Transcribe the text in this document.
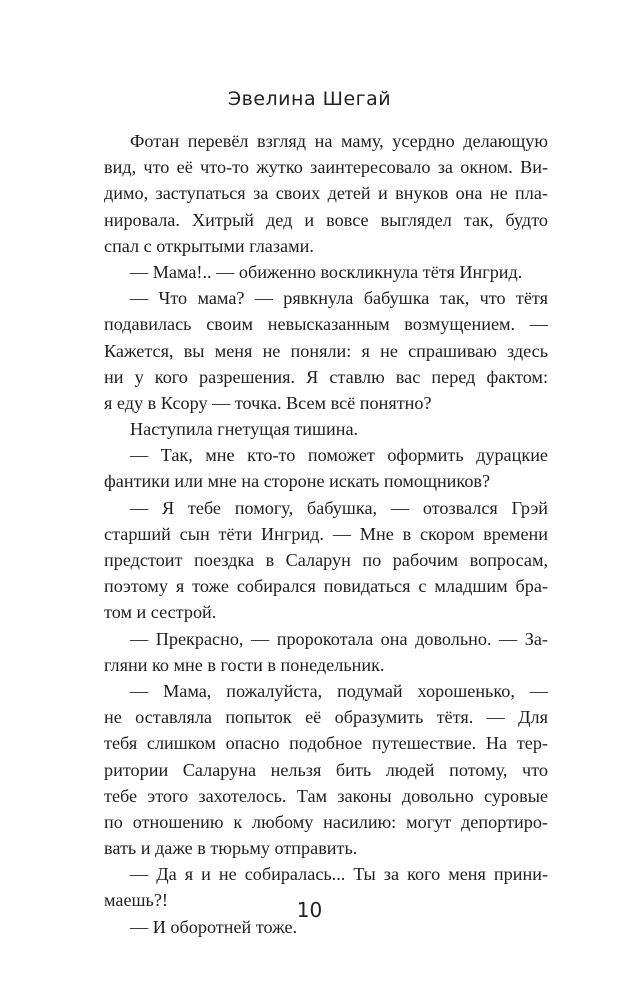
Эвелина Шегай
Фотан перевёл взгляд на маму, усердно делающую
вид, что её что-то жутко заинтересовало за окном. Ви-
димо, заступаться за своих детей и внуков она не пла-
нировала. Хитрый дед и вовсе выглядел так, будто
спал с открытыми глазами.
— Мама!.. — обиженно воскликнула тётя Ингрид.
— Что мама? — рявкнула бабушка так, что тётя
подавилась своим невысказанным возмущением. —
Кажется, вы меня не поняли: я не спрашиваю здесь
ни у кого разрешения. Я ставлю вас перед фактом:
я еду в Ксору — точка. Всем всё понятно?
Наступила гнетущая тишина.
— Так, мне кто-то поможет оформить дурацкие
фантики или мне на стороне искать помощников?
— Я тебе помогу, бабушка, — отозвался Грэй
старший сын тёти Ингрид. — Мне в скором времени
предстоит поездка в Саларун по рабочим вопросам,
поэтому я тоже собирался повидаться с младшим бра-
том и сестрой.
— Прекрасно, — пророкотала она довольно. — За-
гляни ко мне в гости в понедельник.
— Мама, пожалуйста, подумай хорошенько, —
не оставляла попыток её образумить тётя. — Для
тебя слишком опасно подобное путешествие. На тер-
ритории Саларуна нельзя бить людей потому, что
тебе этого захотелось. Там законы довольно суровые
по отношению к любому насилию: могут депортиро-
вать и даже в тюрьму отправить.
— Да я и не собиралась... Ты за кого меня прини-
маешь?!
— И оборотней тоже.
10
